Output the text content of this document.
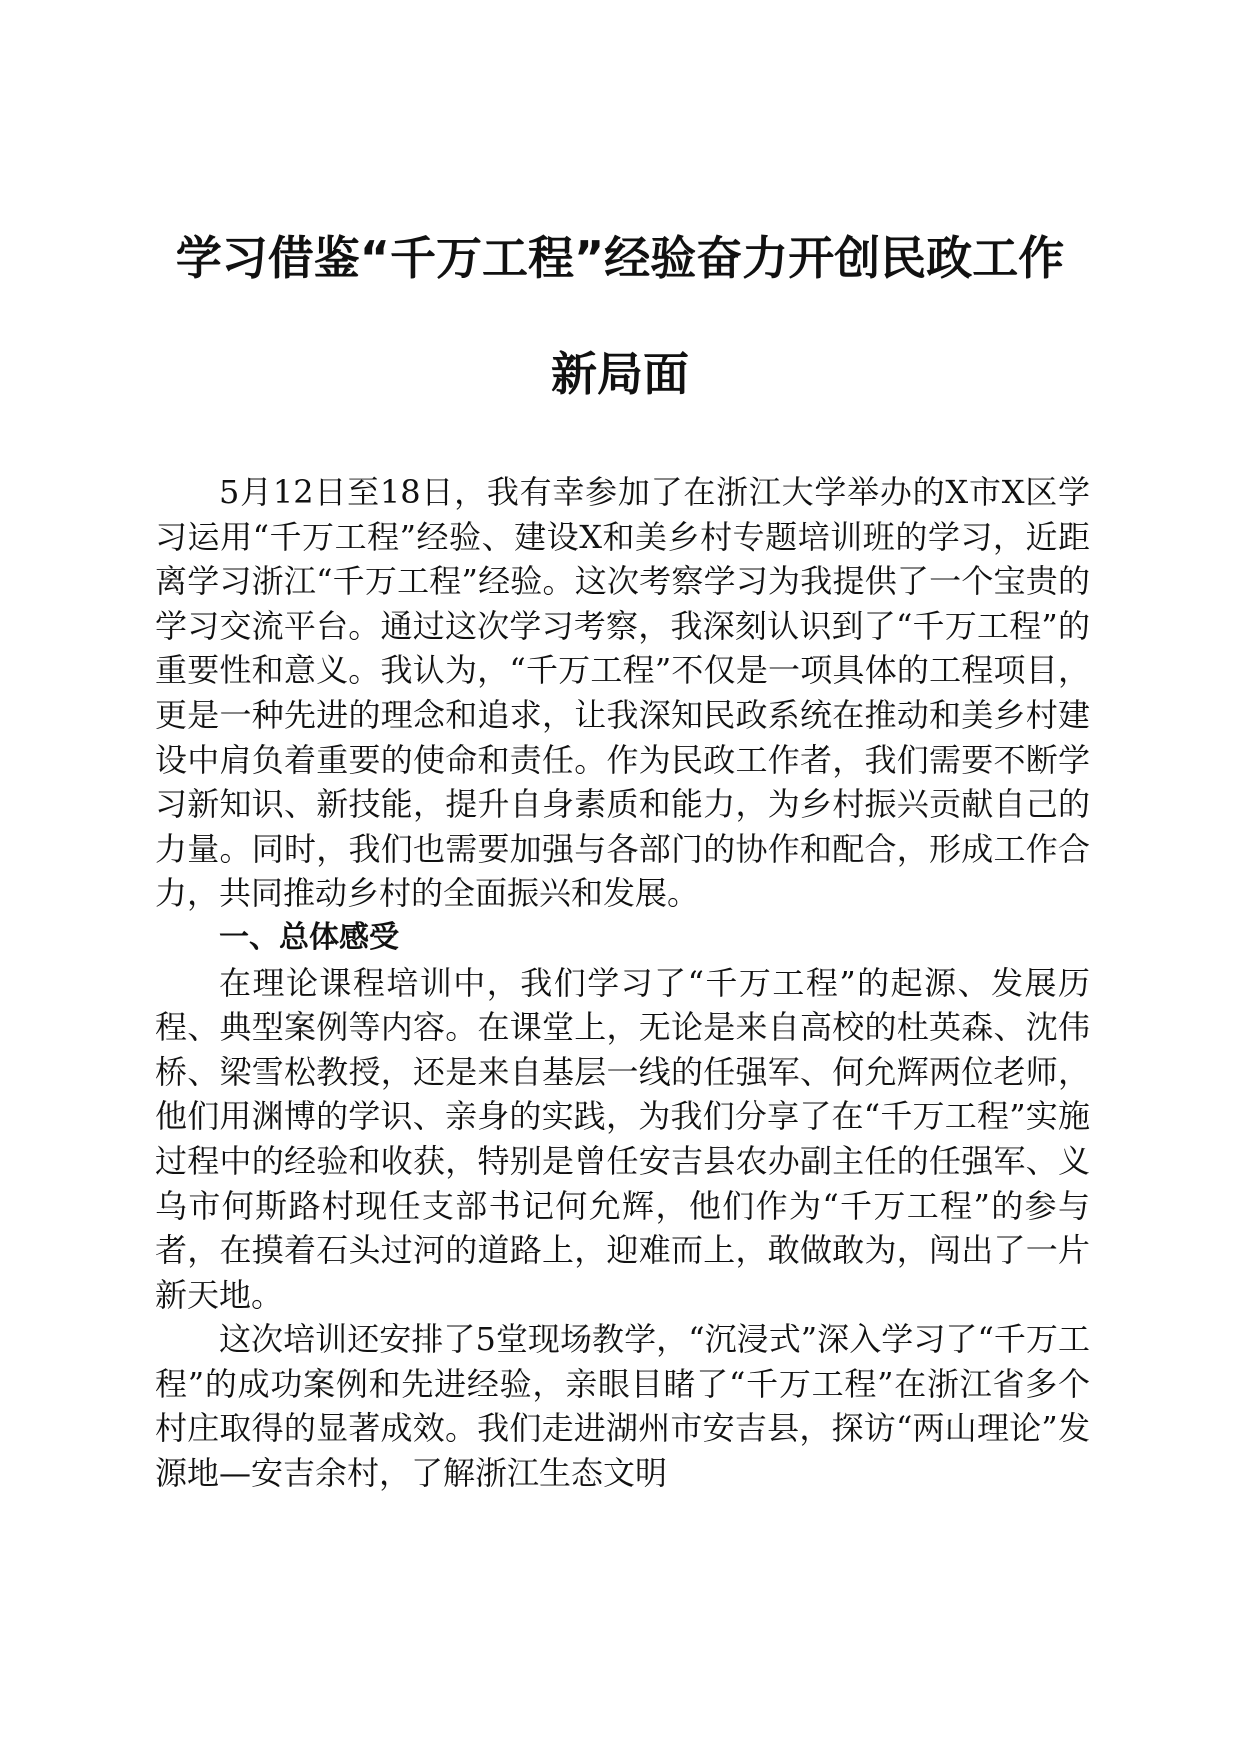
学习借鉴“千万工程”经验奋力开创民政工作
新局面

5月12日至18日，我有幸参加了在浙江大学举办的X市X区学习运用“千万工程”经验、建设X和美乡村专题培训班的学习，近距离学习浙江“千万工程”经验。这次考察学习为我提供了一个宝贵的学习交流平台。通过这次学习考察，我深刻认识到了“千万工程”的重要性和意义。我认为，“千万工程”不仅是一项具体的工程项目，更是一种先进的理念和追求，让我深知民政系统在推动和美乡村建设中肩负着重要的使命和责任。作为民政工作者，我们需要不断学习新知识、新技能，提升自身素质和能力，为乡村振兴贡献自己的力量。同时，我们也需要加强与各部门的协作和配合，形成工作合力，共同推动乡村的全面振兴和发展。

一、总体感受

在理论课程培训中，我们学习了“千万工程”的起源、发展历程、典型案例等内容。在课堂上，无论是来自高校的杜英森、沈伟桥、梁雪松教授，还是来自基层一线的任强军、何允辉两位老师，他们用渊博的学识、亲身的实践，为我们分享了在“千万工程”实施过程中的经验和收获，特别是曾任安吉县农办副主任的任强军、义乌市何斯路村现任支部书记何允辉，他们作为“千万工程”的参与者，在摸着石头过河的道路上，迎难而上，敢做敢为，闯出了一片新天地。

这次培训还安排了5堂现场教学，“沉浸式”深入学习了“千万工程”的成功案例和先进经验，亲眼目睹了“千万工程”在浙江省多个村庄取得的显著成效。我们走进湖州市安吉县，探访“两山理论”发源地—安吉余村，了解浙江生态文明
